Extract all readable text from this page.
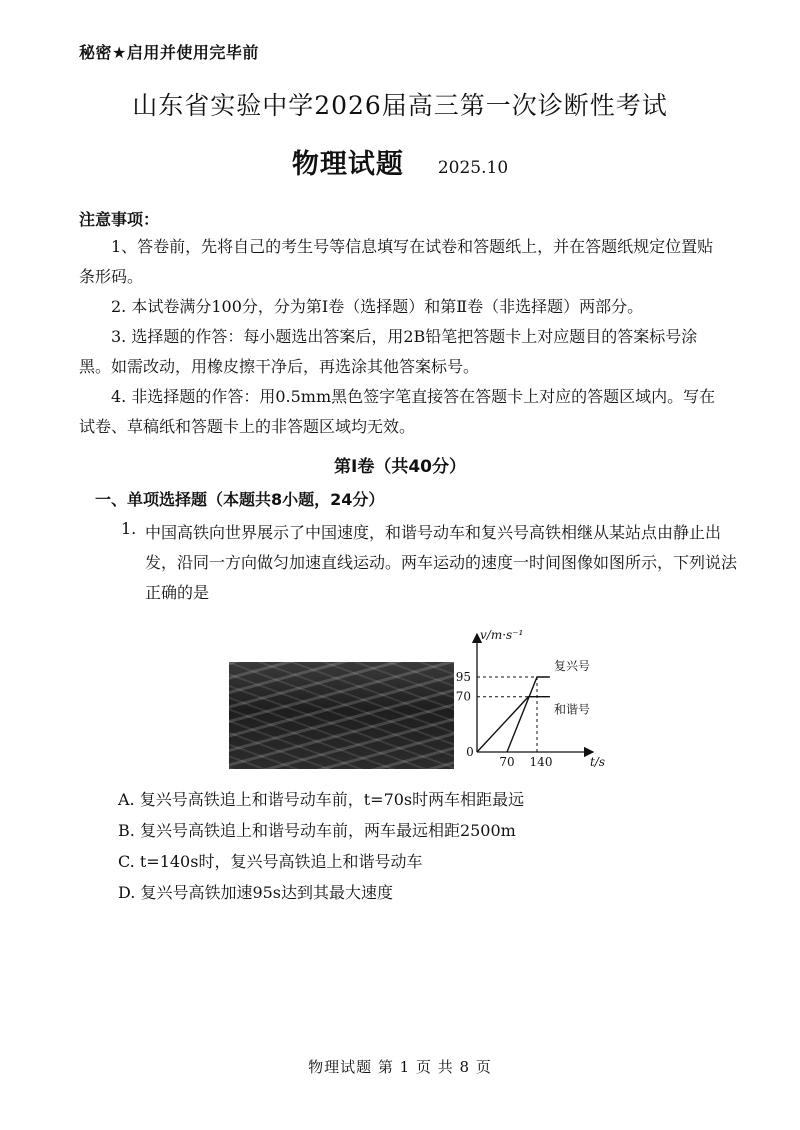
秘密★启用并使用完毕前
山东省实验中学2026届高三第一次诊断性考试
物理试题 2025.10
注意事项：
1、答卷前，先将自己的考生号等信息填写在试卷和答题纸上，并在答题纸规定位置贴条形码。
2. 本试卷满分100分，分为第Ⅰ卷（选择题）和第Ⅱ卷（非选择题）两部分。
3. 选择题的作答：每小题选出答案后，用2B铅笔把答题卡上对应题目的答案标号涂黑。如需改动，用橡皮擦干净后，再选涂其他答案标号。
4. 非选择题的作答：用0.5mm黑色签字笔直接答在答题卡上对应的答题区域内。写在试卷、草稿纸和答题卡上的非答题区域均无效。
第Ⅰ卷（共40分）
一、单项选择题（本题共8小题，24分）
1. 中国高铁向世界展示了中国速度，和谐号动车和复兴号高铁相继从某站点由静止出发，沿同一方向做匀加速直线运动。两车运动的速度一时间图像如图所示，下列说法正确的是
v/m·s⁻¹
t/s
0
95
70
70 140
复兴号
和谐号
A. 复兴号高铁追上和谐号动车前，t=70s时两车相距最远
B. 复兴号高铁追上和谐号动车前，两车最远相距2500m
C. t=140s时，复兴号高铁追上和谐号动车
D. 复兴号高铁加速95s达到其最大速度
物理试题 第 1 页 共 8 页
